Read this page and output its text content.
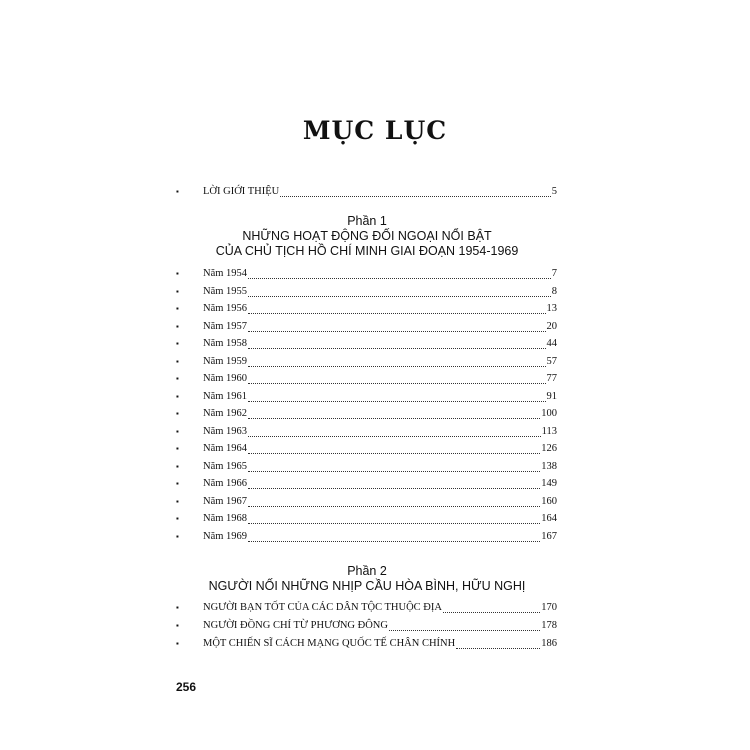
MỤC LỤC
▪	LỜI GIỚI THIỆU	5
Phần 1
NHỮNG HOẠT ĐỘNG ĐỐI NGOẠI NỔI BẬT
CỦA CHỦ TỊCH HỒ CHÍ MINH GIAI ĐOẠN 1954-1969
▪	Năm 1954	7
▪	Năm 1955	8
▪	Năm 1956	13
▪	Năm 1957	20
▪	Năm 1958	44
▪	Năm 1959	57
▪	Năm 1960	77
▪	Năm 1961	91
▪	Năm 1962	100
▪	Năm 1963	113
▪	Năm 1964	126
▪	Năm 1965	138
▪	Năm 1966	149
▪	Năm 1967	160
▪	Năm 1968	164
▪	Năm 1969	167
Phần 2
NGƯỜI NỐI NHỮNG NHỊP CẦU HÒA BÌNH, HỮU NGHỊ
▪	NGƯỜI BẠN TỐT CỦA CÁC DÂN TỘC THUỘC ĐỊA	170
▪	NGƯỜI ĐỒNG CHÍ TỪ PHƯƠNG ĐÔNG	178
▪	MỘT CHIẾN SĨ CÁCH MẠNG QUỐC TẾ CHÂN CHÍNH	186
256
